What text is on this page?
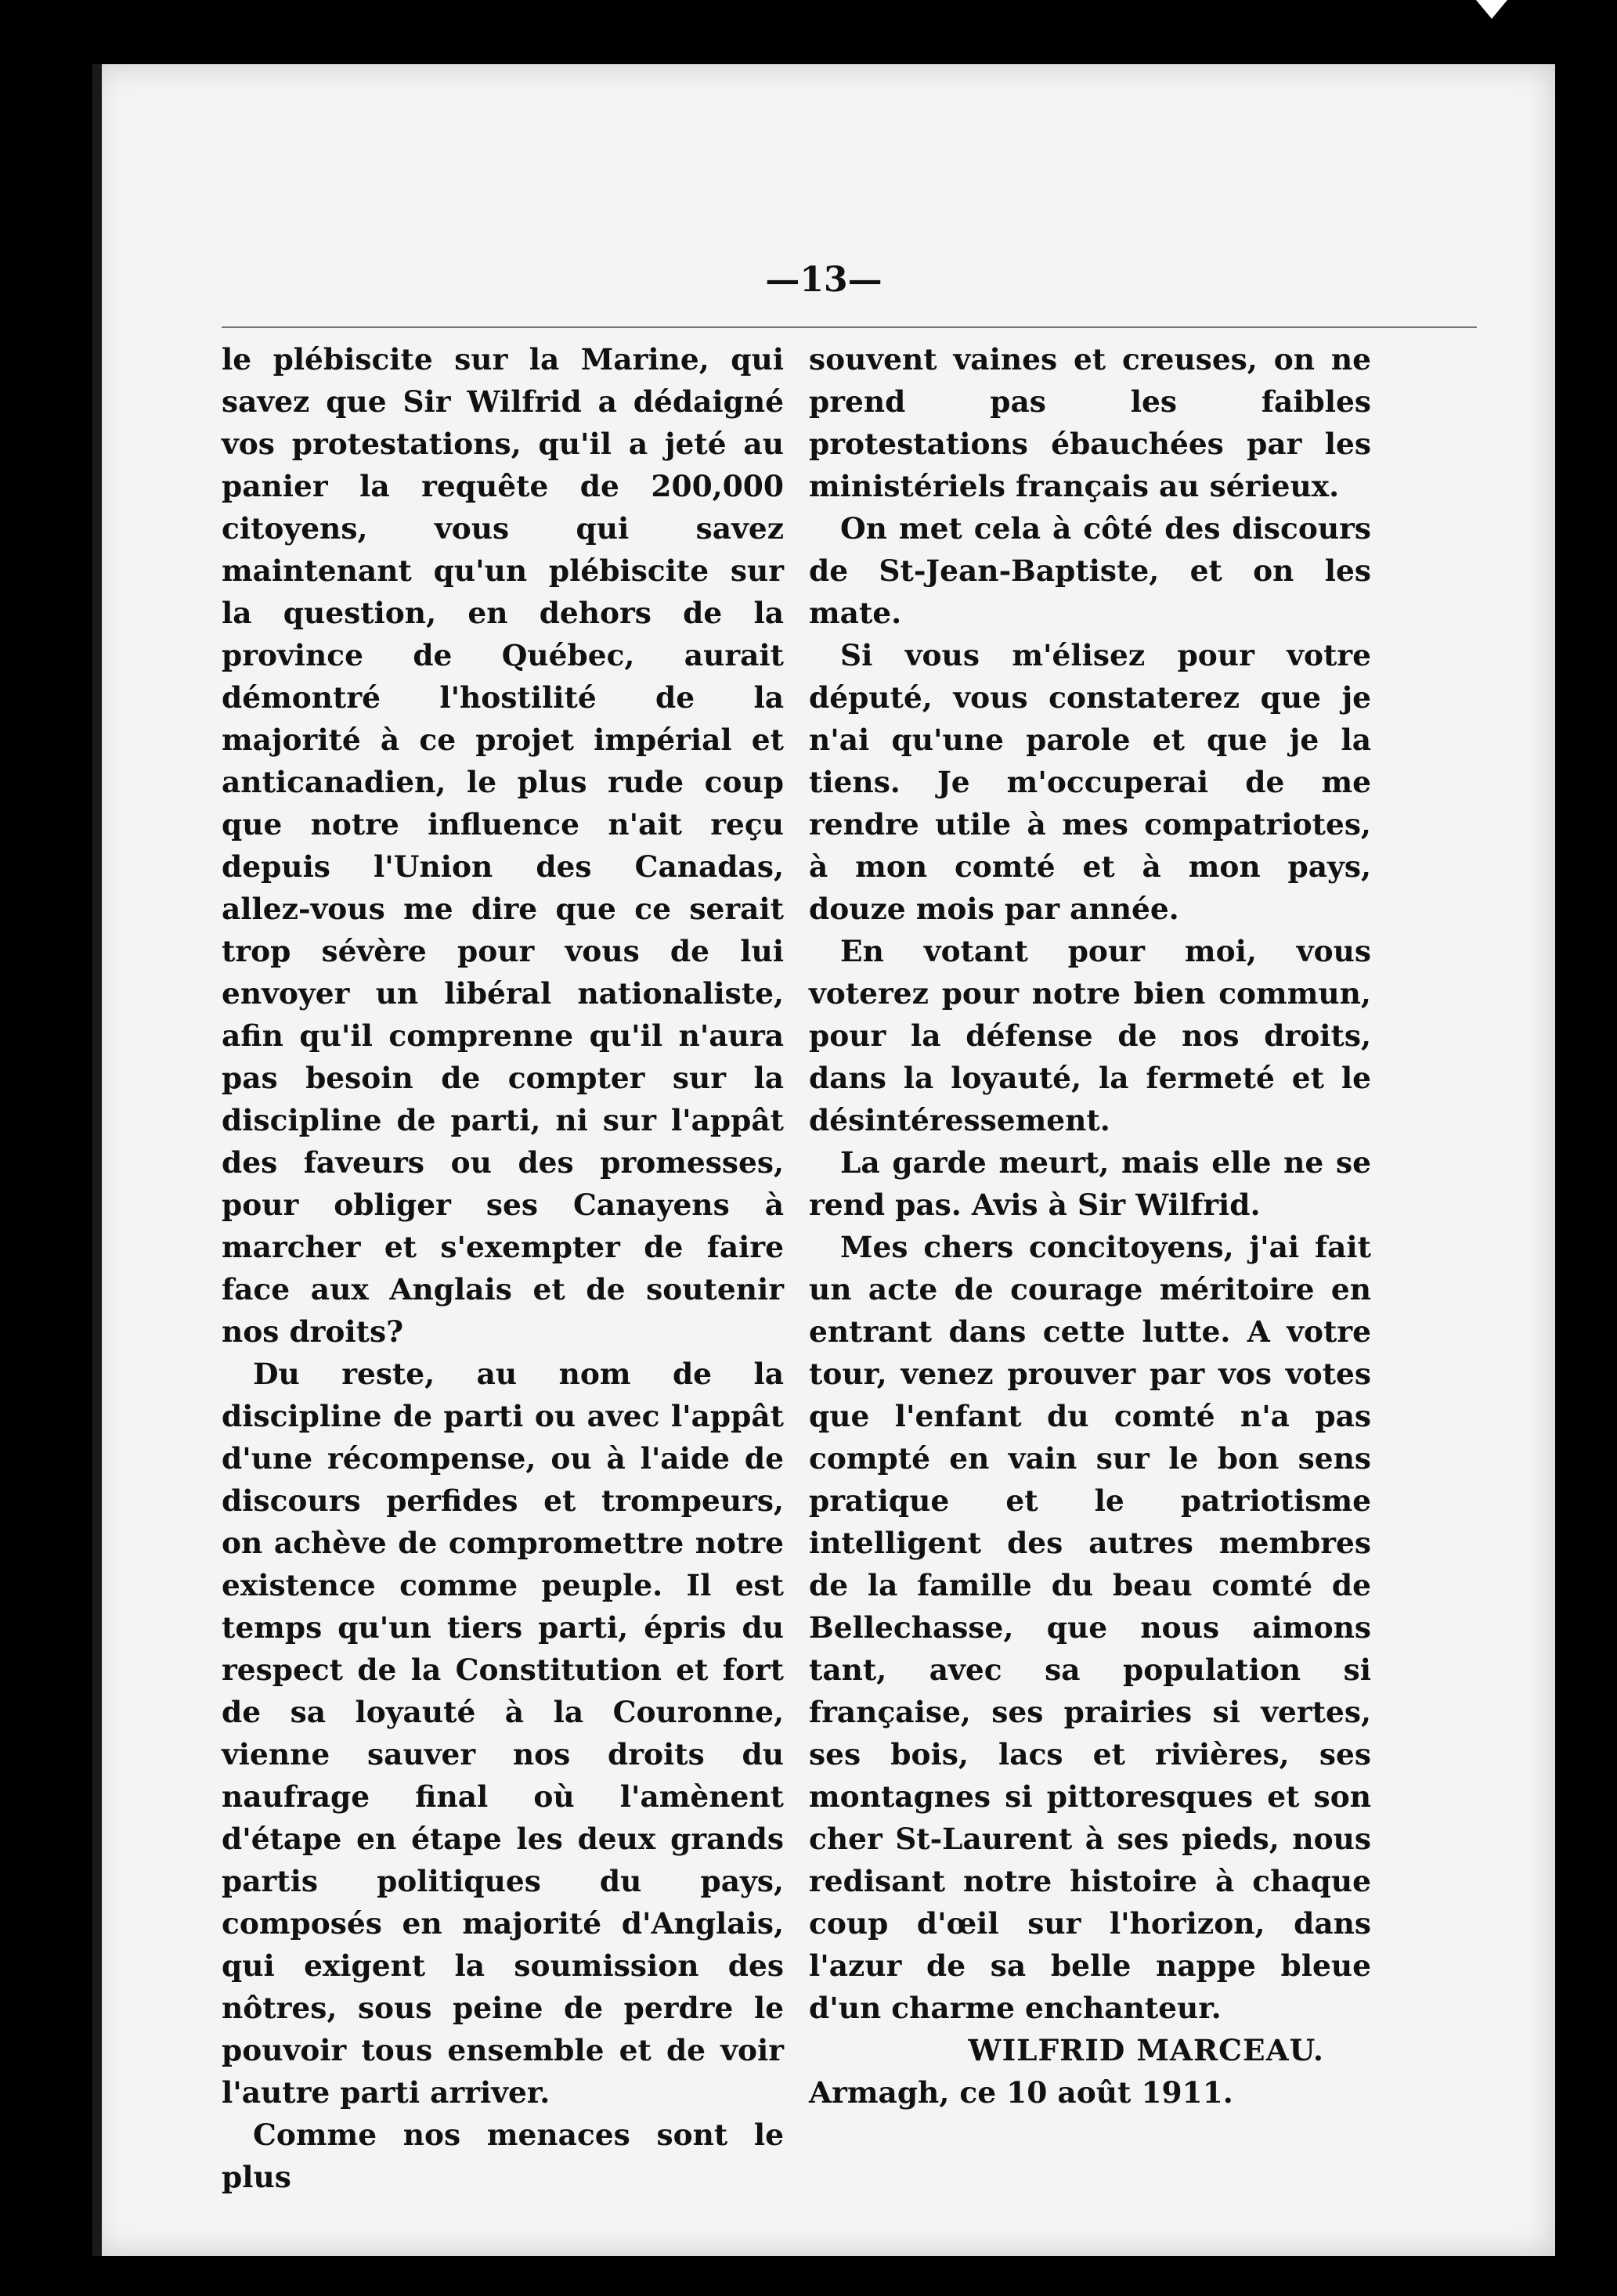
—13—

le plébiscite sur la Marine, qui savez que Sir Wilfrid a dédaigné vos protestations, qu'il a jeté au panier la requête de 200,000 citoyens, vous qui savez maintenant qu'un plébiscite sur la question, en dehors de la province de Québec, aurait démontré l'hostilité de la majorité à ce projet impérial et anticanadien, le plus rude coup que notre influence n'ait reçu depuis l'Union des Canadas, allez-vous me dire que ce serait trop sévère pour vous de lui envoyer un libéral nationaliste, afin qu'il comprenne qu'il n'aura pas besoin de compter sur la discipline de parti, ni sur l'appât des faveurs ou des promesses, pour obliger ses Canayens à marcher et s'exempter de faire face aux Anglais et de soutenir nos droits?

Du reste, au nom de la discipline de parti ou avec l'appât d'une récompense, ou à l'aide de discours perfides et trompeurs, on achève de compromettre notre existence comme peuple. Il est temps qu'un tiers parti, épris du respect de la Constitution et fort de sa loyauté à la Couronne, vienne sauver nos droits du naufrage final où l'amènent d'étape en étape les deux grands partis politiques du pays, composés en majorité d'Anglais, qui exigent la soumission des nôtres, sous peine de perdre le pouvoir tous ensemble et de voir l'autre parti arriver.

Comme nos menaces sont le plus

souvent vaines et creuses, on ne prend pas les faibles protestations ébauchées par les ministériels français au sérieux.

On met cela à côté des discours de St-Jean-Baptiste, et on les mate.

Si vous m'élisez pour votre député, vous constaterez que je n'ai qu'une parole et que je la tiens. Je m'occuperai de me rendre utile à mes compatriotes, à mon comté et à mon pays, douze mois par année.

En votant pour moi, vous voterez pour notre bien commun, pour la défense de nos droits, dans la loyauté, la fermeté et le désintéressement.

La garde meurt, mais elle ne se rend pas. Avis à Sir Wilfrid.

Mes chers concitoyens, j'ai fait un acte de courage méritoire en entrant dans cette lutte. A votre tour, venez prouver par vos votes que l'enfant du comté n'a pas compté en vain sur le bon sens pratique et le patriotisme intelligent des autres membres de la famille du beau comté de Bellechasse, que nous aimons tant, avec sa population si française, ses prairies si vertes, ses bois, lacs et rivières, ses montagnes si pittoresques et son cher St-Laurent à ses pieds, nous redisant notre histoire à chaque coup d'œil sur l'horizon, dans l'azur de sa belle nappe bleue d'un charme enchanteur.

WILFRID MARCEAU.

Armagh, ce 10 août 1911.
